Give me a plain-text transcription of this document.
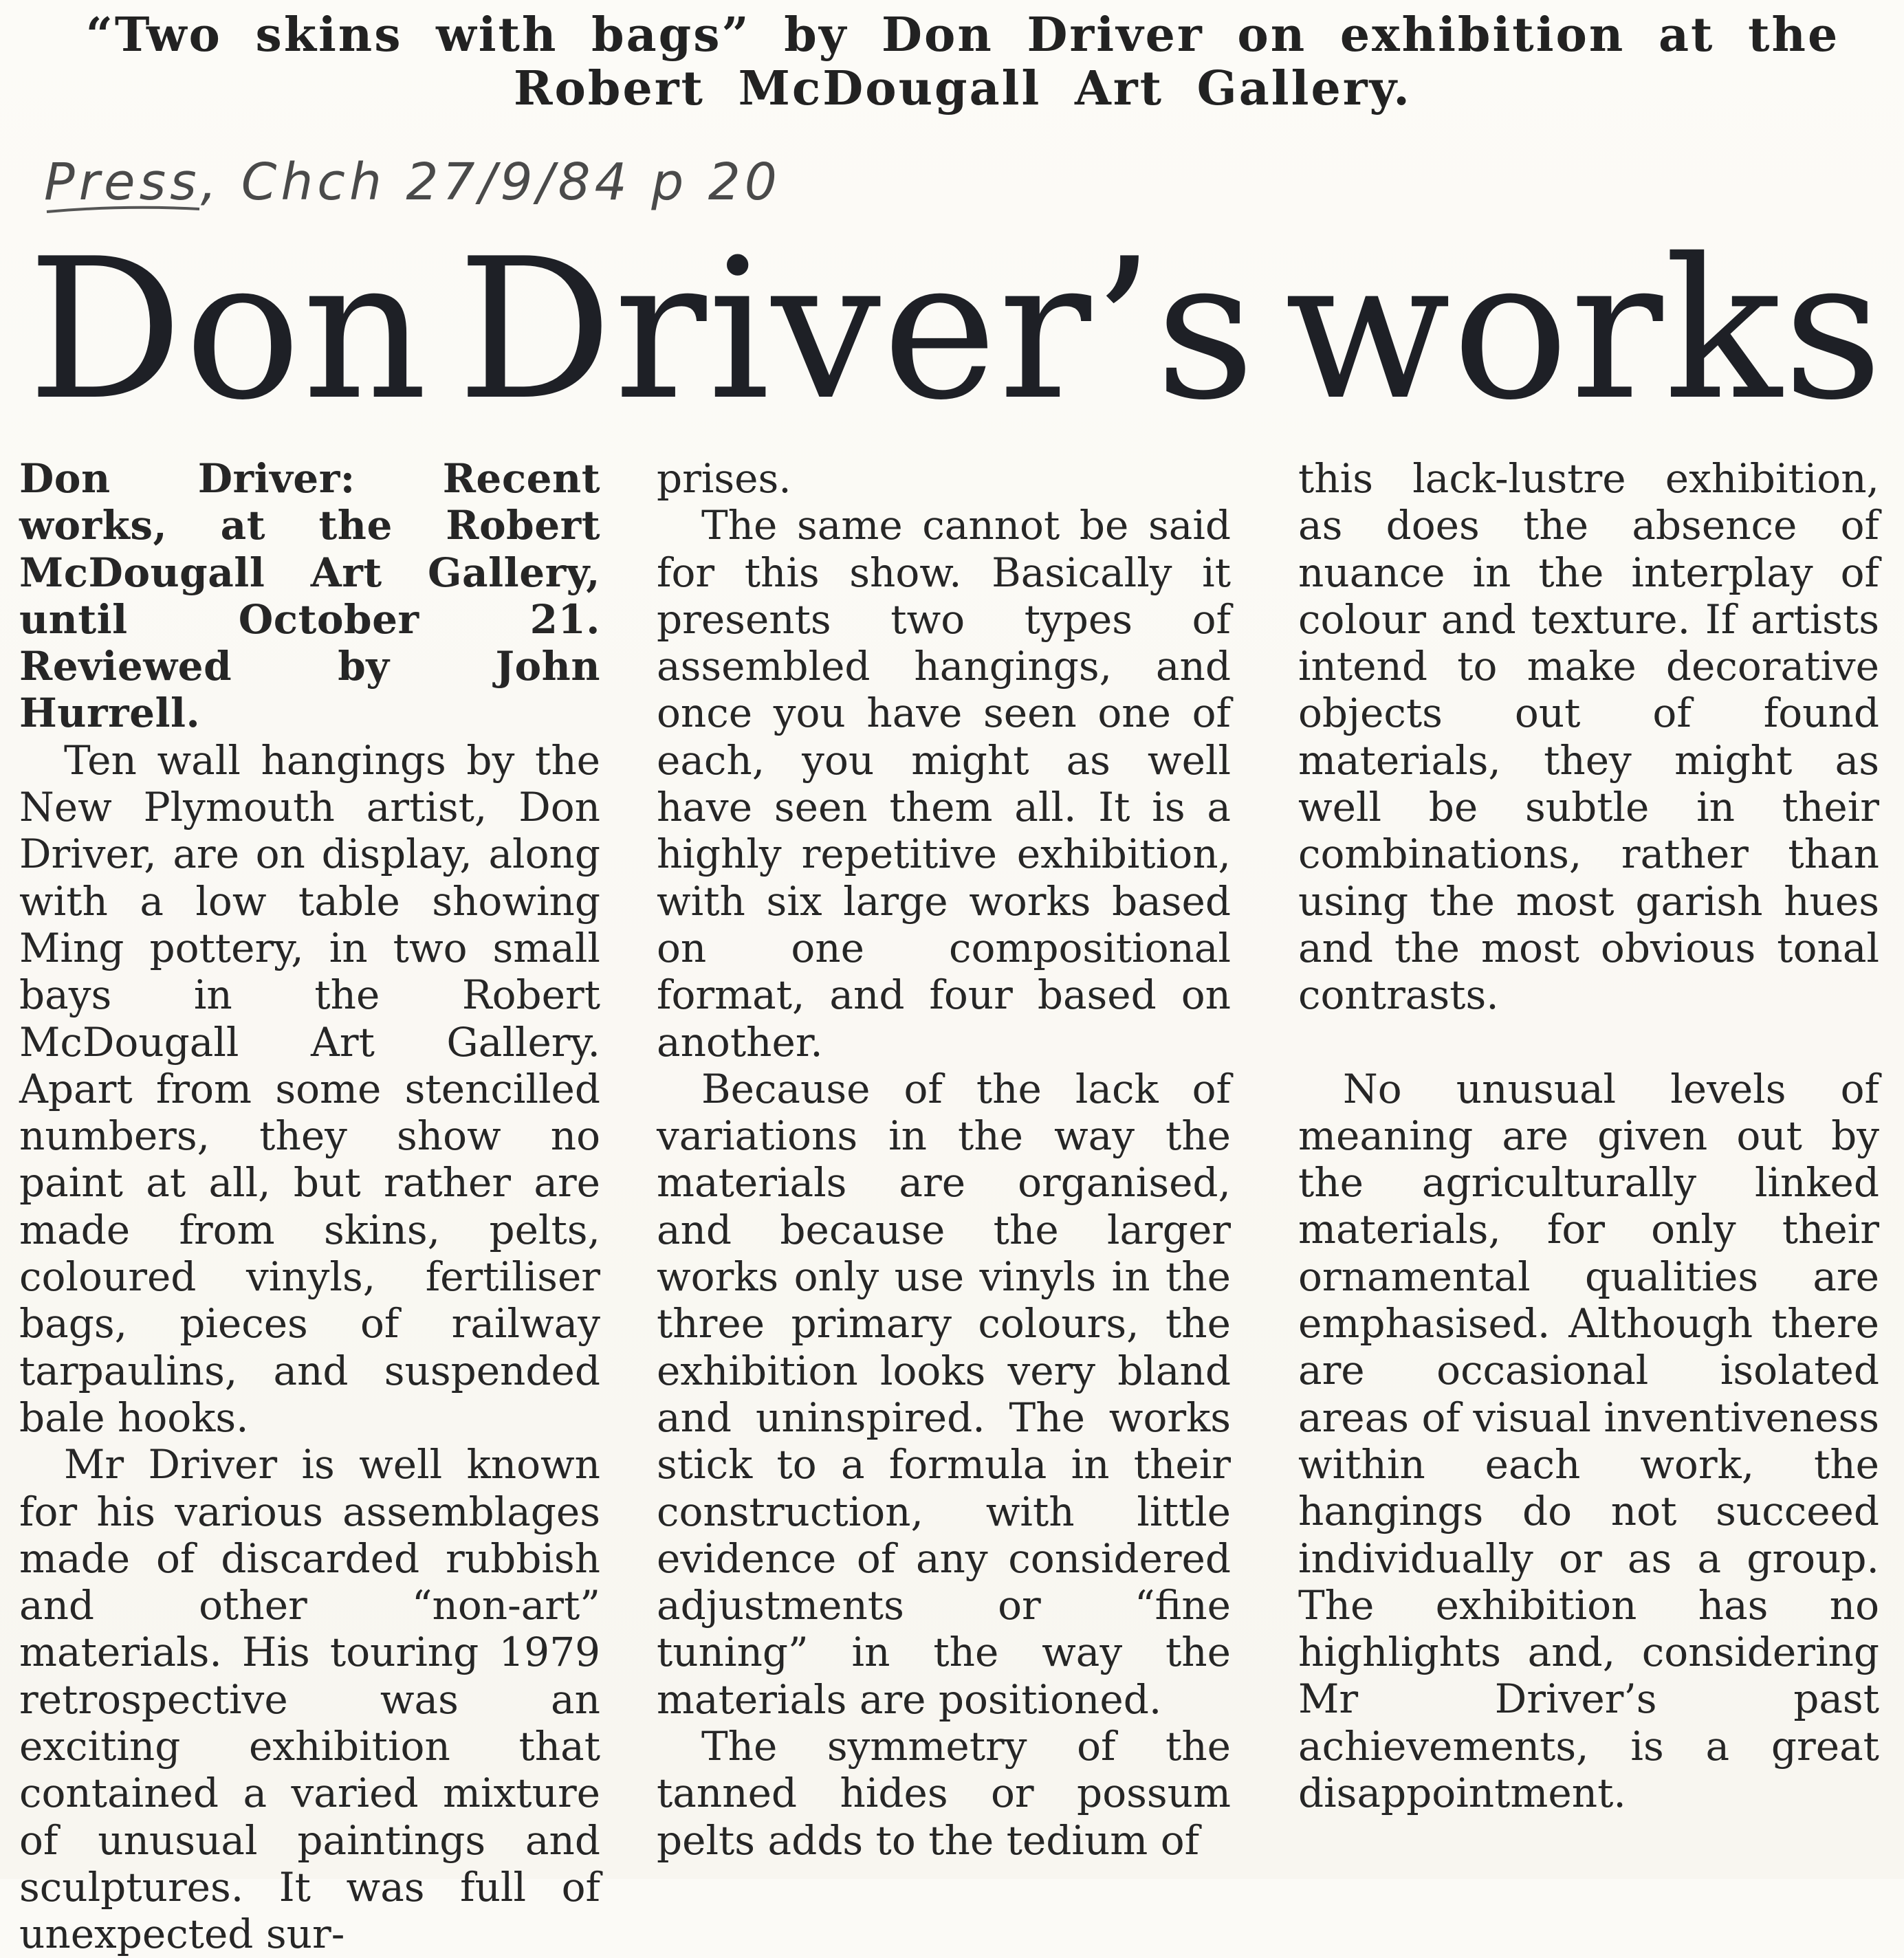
“Two skins with bags” by Don Driver on exhibition at the Robert McDougall Art Gallery.
Press, Chch 27/9/84 p 20
Don Driver’s works

Don Driver: Recent works, at the Robert McDougall Art Gallery, until October 21. Reviewed by John Hurrell.

Ten wall hangings by the New Plymouth artist, Don Driver, are on display, along with a low table showing Ming pottery, in two small bays in the Robert McDougall Art Gallery. Apart from some stencilled numbers, they show no paint at all, but rather are made from skins, pelts, coloured vinyls, fertiliser bags, pieces of railway tarpaulins, and suspended bale hooks.

Mr Driver is well known for his various assemblages made of discarded rubbish and other “non-art” materials. His touring 1979 retrospective was an exciting exhibition that contained a varied mixture of unusual paintings and sculptures. It was full of unexpected sur-

prises.

The same cannot be said for this show. Basically it presents two types of assembled hangings, and once you have seen one of each, you might as well have seen them all. It is a highly repetitive exhibition, with six large works based on one compositional format, and four based on another.

Because of the lack of variations in the way the materials are organised, and because the larger works only use vinyls in the three primary colours, the exhibition looks very bland and uninspired. The works stick to a formula in their construction, with little evidence of any considered adjustments or “fine tuning” in the way the materials are positioned.

The symmetry of the tanned hides or possum pelts adds to the tedium of

this lack-lustre exhibition, as does the absence of nuance in the interplay of colour and texture. If artists intend to make decorative objects out of found materials, they might as well be subtle in their combinations, rather than using the most garish hues and the most obvious tonal contrasts.

No unusual levels of meaning are given out by the agriculturally linked materials, for only their ornamental qualities are emphasised. Although there are occasional isolated areas of visual inventiveness within each work, the hangings do not succeed individually or as a group. The exhibition has no highlights and, considering Mr Driver’s past achievements, is a great disappointment.
